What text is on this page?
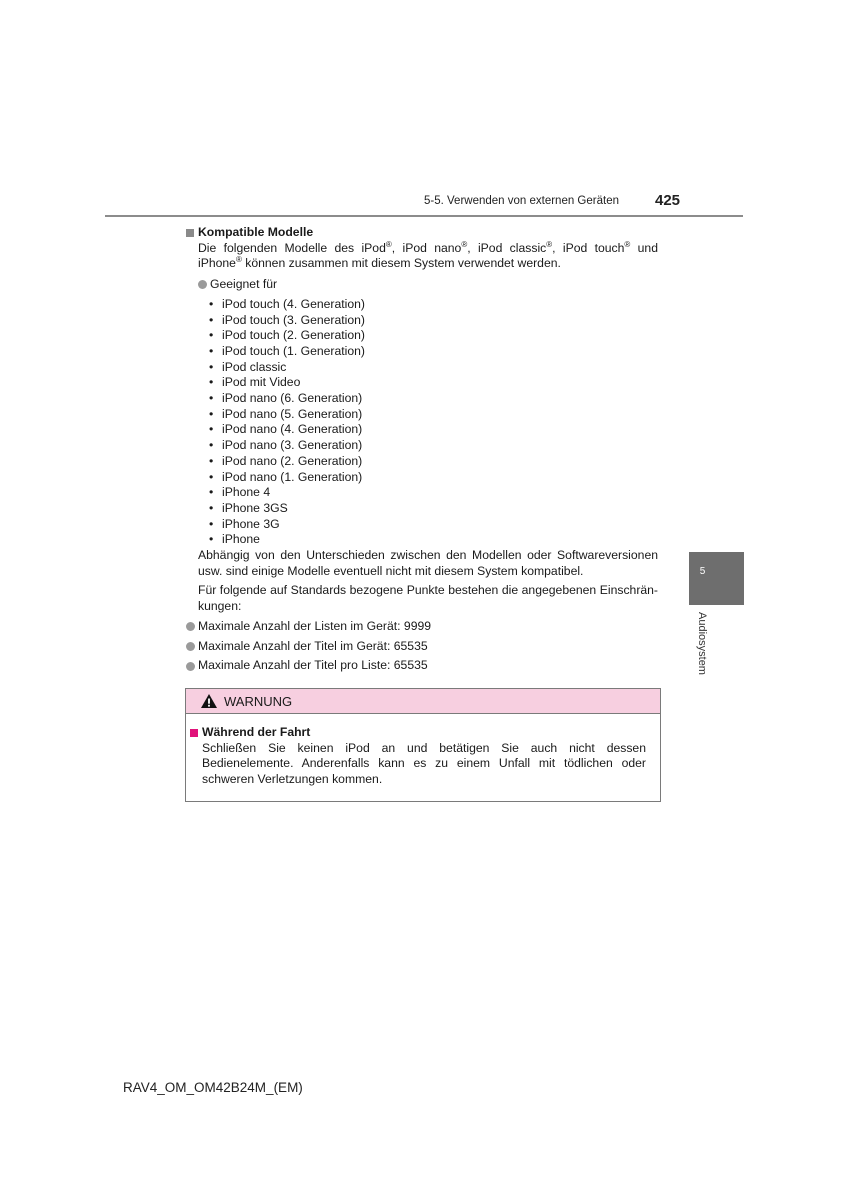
5-5. Verwenden von externen Geräten 425
Kompatible Modelle
Die folgenden Modelle des iPod®, iPod nano®, iPod classic®, iPod touch® und iPhone® können zusammen mit diesem System verwendet werden.
Geeignet für
• iPod touch (4. Generation)
• iPod touch (3. Generation)
• iPod touch (2. Generation)
• iPod touch (1. Generation)
• iPod classic
• iPod mit Video
• iPod nano (6. Generation)
• iPod nano (5. Generation)
• iPod nano (4. Generation)
• iPod nano (3. Generation)
• iPod nano (2. Generation)
• iPod nano (1. Generation)
• iPhone 4
• iPhone 3GS
• iPhone 3G
• iPhone
Abhängig von den Unterschieden zwischen den Modellen oder Softwareversionen usw. sind einige Modelle eventuell nicht mit diesem System kompatibel.
Für folgende auf Standards bezogene Punkte bestehen die angegebenen Einschrän-kungen:
Maximale Anzahl der Listen im Gerät: 9999
Maximale Anzahl der Titel im Gerät: 65535
Maximale Anzahl der Titel pro Liste: 65535
WARNUNG
Während der Fahrt
Schließen Sie keinen iPod an und betätigen Sie auch nicht dessen Bedienelemente. Anderenfalls kann es zu einem Unfall mit tödlichen oder schweren Verletzungen kommen.
5
Audiosystem
RAV4_OM_OM42B24M_(EM)
